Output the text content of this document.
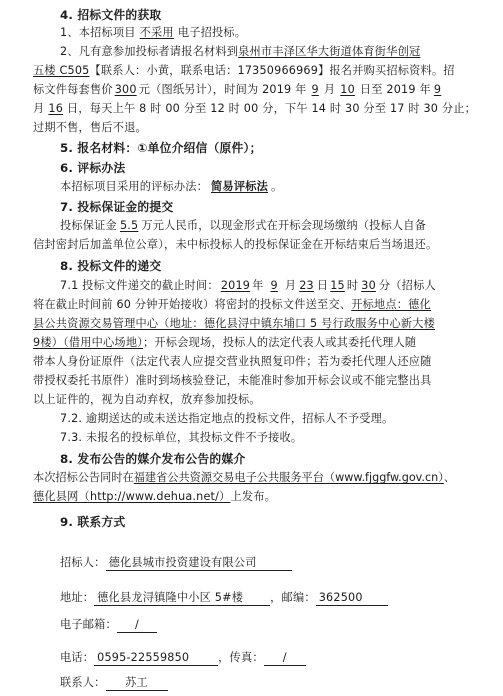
4. 招标文件的获取
1、本招标项目 不采用 电子招投标。
2、凡有意参加投标者请报名材料到泉州市丰泽区华大街道体育街华创冠
五楼 C505【联系人：小黄，联系电话：17350966969】报名并购买招标资料。招
标文件每套售价 300 元（图纸另计），时间为 2019 年 9 月 10 日至 2019 年 9
月 16 日，每天上午 8 时 00 分至 12 时 00 分，下午 14 时 30 分至 17 时 30 分止；
过期不售，售后不退。
5. 报名材料：①单位介绍信（原件）；
6. 评标办法
本招标项目采用的评标办法： 简易评标法 。
7. 投标保证金的提交
投标保证金 5.5 万元人民币，以现金形式在开标会现场缴纳（投标人自备
信封密封后加盖单位公章），未中标投标人的投标保证金在开标结束后当场退还。
8. 投标文件的递交
7.1 投标文件递交的截止时间： 2019 年 9 月 23 日 15 时 30 分（招标人
将在截止时间前 60 分钟开始接收）将密封的投标文件送至交、开标地点：德化
县公共资源交易管理中心（地址：德化县浔中镇东埔口 5 号行政服务中心新大楼
9楼）（借用中心场地）；开标会现场，投标人的法定代表人或其委托代理人随
带本人身份证原件（法定代表人应提交营业执照复印件；若为委托代理人还应随
带授权委托书原件）准时到场核验登记，未能准时参加开标会议或不能完整出具
以上证件的，视为自动弃权，放弃参加投标。
7.2. 逾期送达的或未送达指定地点的投标文件，招标人不予受理。
7.3. 未报名的投标单位，其投标文件不予接收。
8. 发布公告的媒介发布公告的媒介
本次招标公告同时在福建省公共资源交易电子公共服务平台（www.fjggfw.gov.cn）、
德化县网（http://www.dehua.net/）上发布。
9. 联系方式
招标人： 德化县城市投资建设有限公司
地址： 德化县龙浔镇隆中小区 5#楼 ，邮编： 362500
电子邮箱： /
电话： 0595-22559850	，传真： /
联系人： 苏工
